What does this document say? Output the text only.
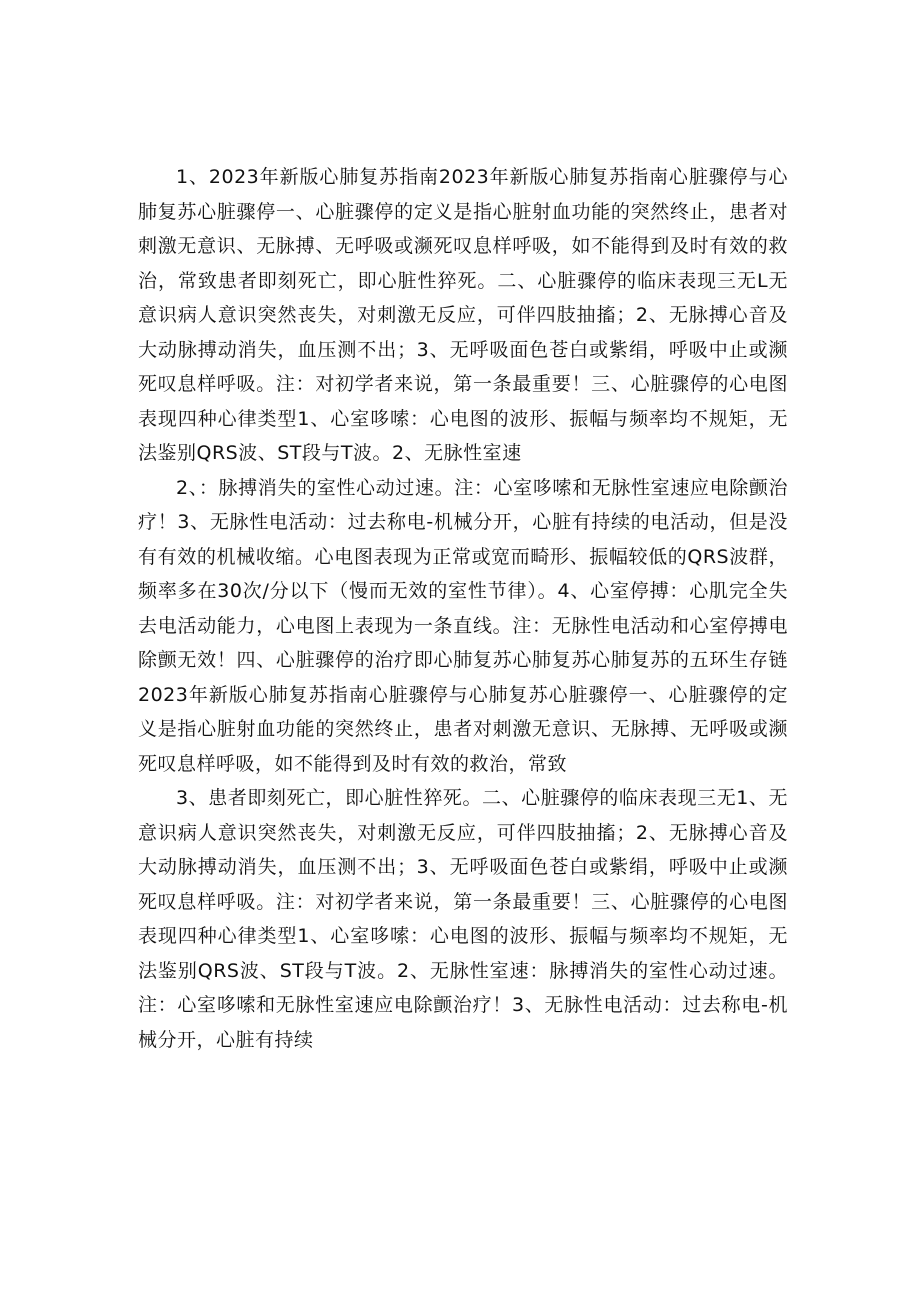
1、2023年新版心肺复苏指南2023年新版心肺复苏指南心脏骤停与心肺复苏心脏骤停一、心脏骤停的定义是指心脏射血功能的突然终止，患者对刺激无意识、无脉搏、无呼吸或濒死叹息样呼吸，如不能得到及时有效的救治，常致患者即刻死亡，即心脏性猝死。二、心脏骤停的临床表现三无L无意识病人意识突然丧失，对刺激无反应，可伴四肢抽搐；2、无脉搏心音及大动脉搏动消失，血压测不出；3、无呼吸面色苍白或紫绢，呼吸中止或濒死叹息样呼吸。注：对初学者来说，第一条最重要！三、心脏骤停的心电图表现四种心律类型1、心室哆嗦：心电图的波形、振幅与频率均不规矩，无法鉴别QRS波、ST段与T波。2、无脉性室速

2、：脉搏消失的室性心动过速。注：心室哆嗦和无脉性室速应电除颤治疗！3、无脉性电活动：过去称电-机械分开，心脏有持续的电活动，但是没有有效的机械收缩。心电图表现为正常或宽而畸形、振幅较低的QRS波群，频率多在30次/分以下（慢而无效的室性节律）。4、心室停搏：心肌完全失去电活动能力，心电图上表现为一条直线。注：无脉性电活动和心室停搏电除颤无效！四、心脏骤停的治疗即心肺复苏心肺复苏心肺复苏的五环生存链2023年新版心肺复苏指南心脏骤停与心肺复苏心脏骤停一、心脏骤停的定义是指心脏射血功能的突然终止，患者对刺激无意识、无脉搏、无呼吸或濒死叹息样呼吸，如不能得到及时有效的救治，常致

3、患者即刻死亡，即心脏性猝死。二、心脏骤停的临床表现三无1、无意识病人意识突然丧失，对刺激无反应，可伴四肢抽搐；2、无脉搏心音及大动脉搏动消失，血压测不出；3、无呼吸面色苍白或紫绢，呼吸中止或濒死叹息样呼吸。注：对初学者来说，第一条最重要！三、心脏骤停的心电图表现四种心律类型1、心室哆嗦：心电图的波形、振幅与频率均不规矩，无法鉴别QRS波、ST段与T波。2、无脉性室速：脉搏消失的室性心动过速。注：心室哆嗦和无脉性室速应电除颤治疗！3、无脉性电活动：过去称电-机械分开，心脏有持续
